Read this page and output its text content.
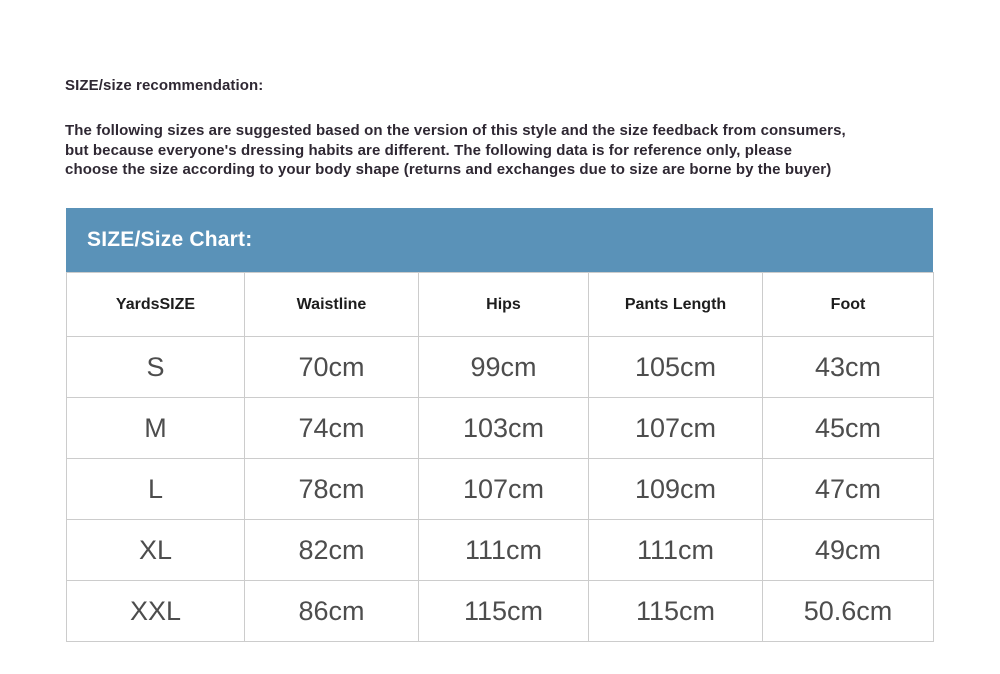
SIZE/size recommendation:
The following sizes are suggested based on the version of this style and the size feedback from consumers,
but because everyone's dressing habits are different. The following data is for reference only, please
choose the size according to your body shape (returns and exchanges due to size are borne by the buyer)
SIZE/Size Chart:
YardsSIZE	Waistline	Hips	Pants Length	Foot
S	70cm	99cm	105cm	43cm
M	74cm	103cm	107cm	45cm
L	78cm	107cm	109cm	47cm
XL	82cm	111cm	111cm	49cm
XXL	86cm	115cm	115cm	50.6cm
